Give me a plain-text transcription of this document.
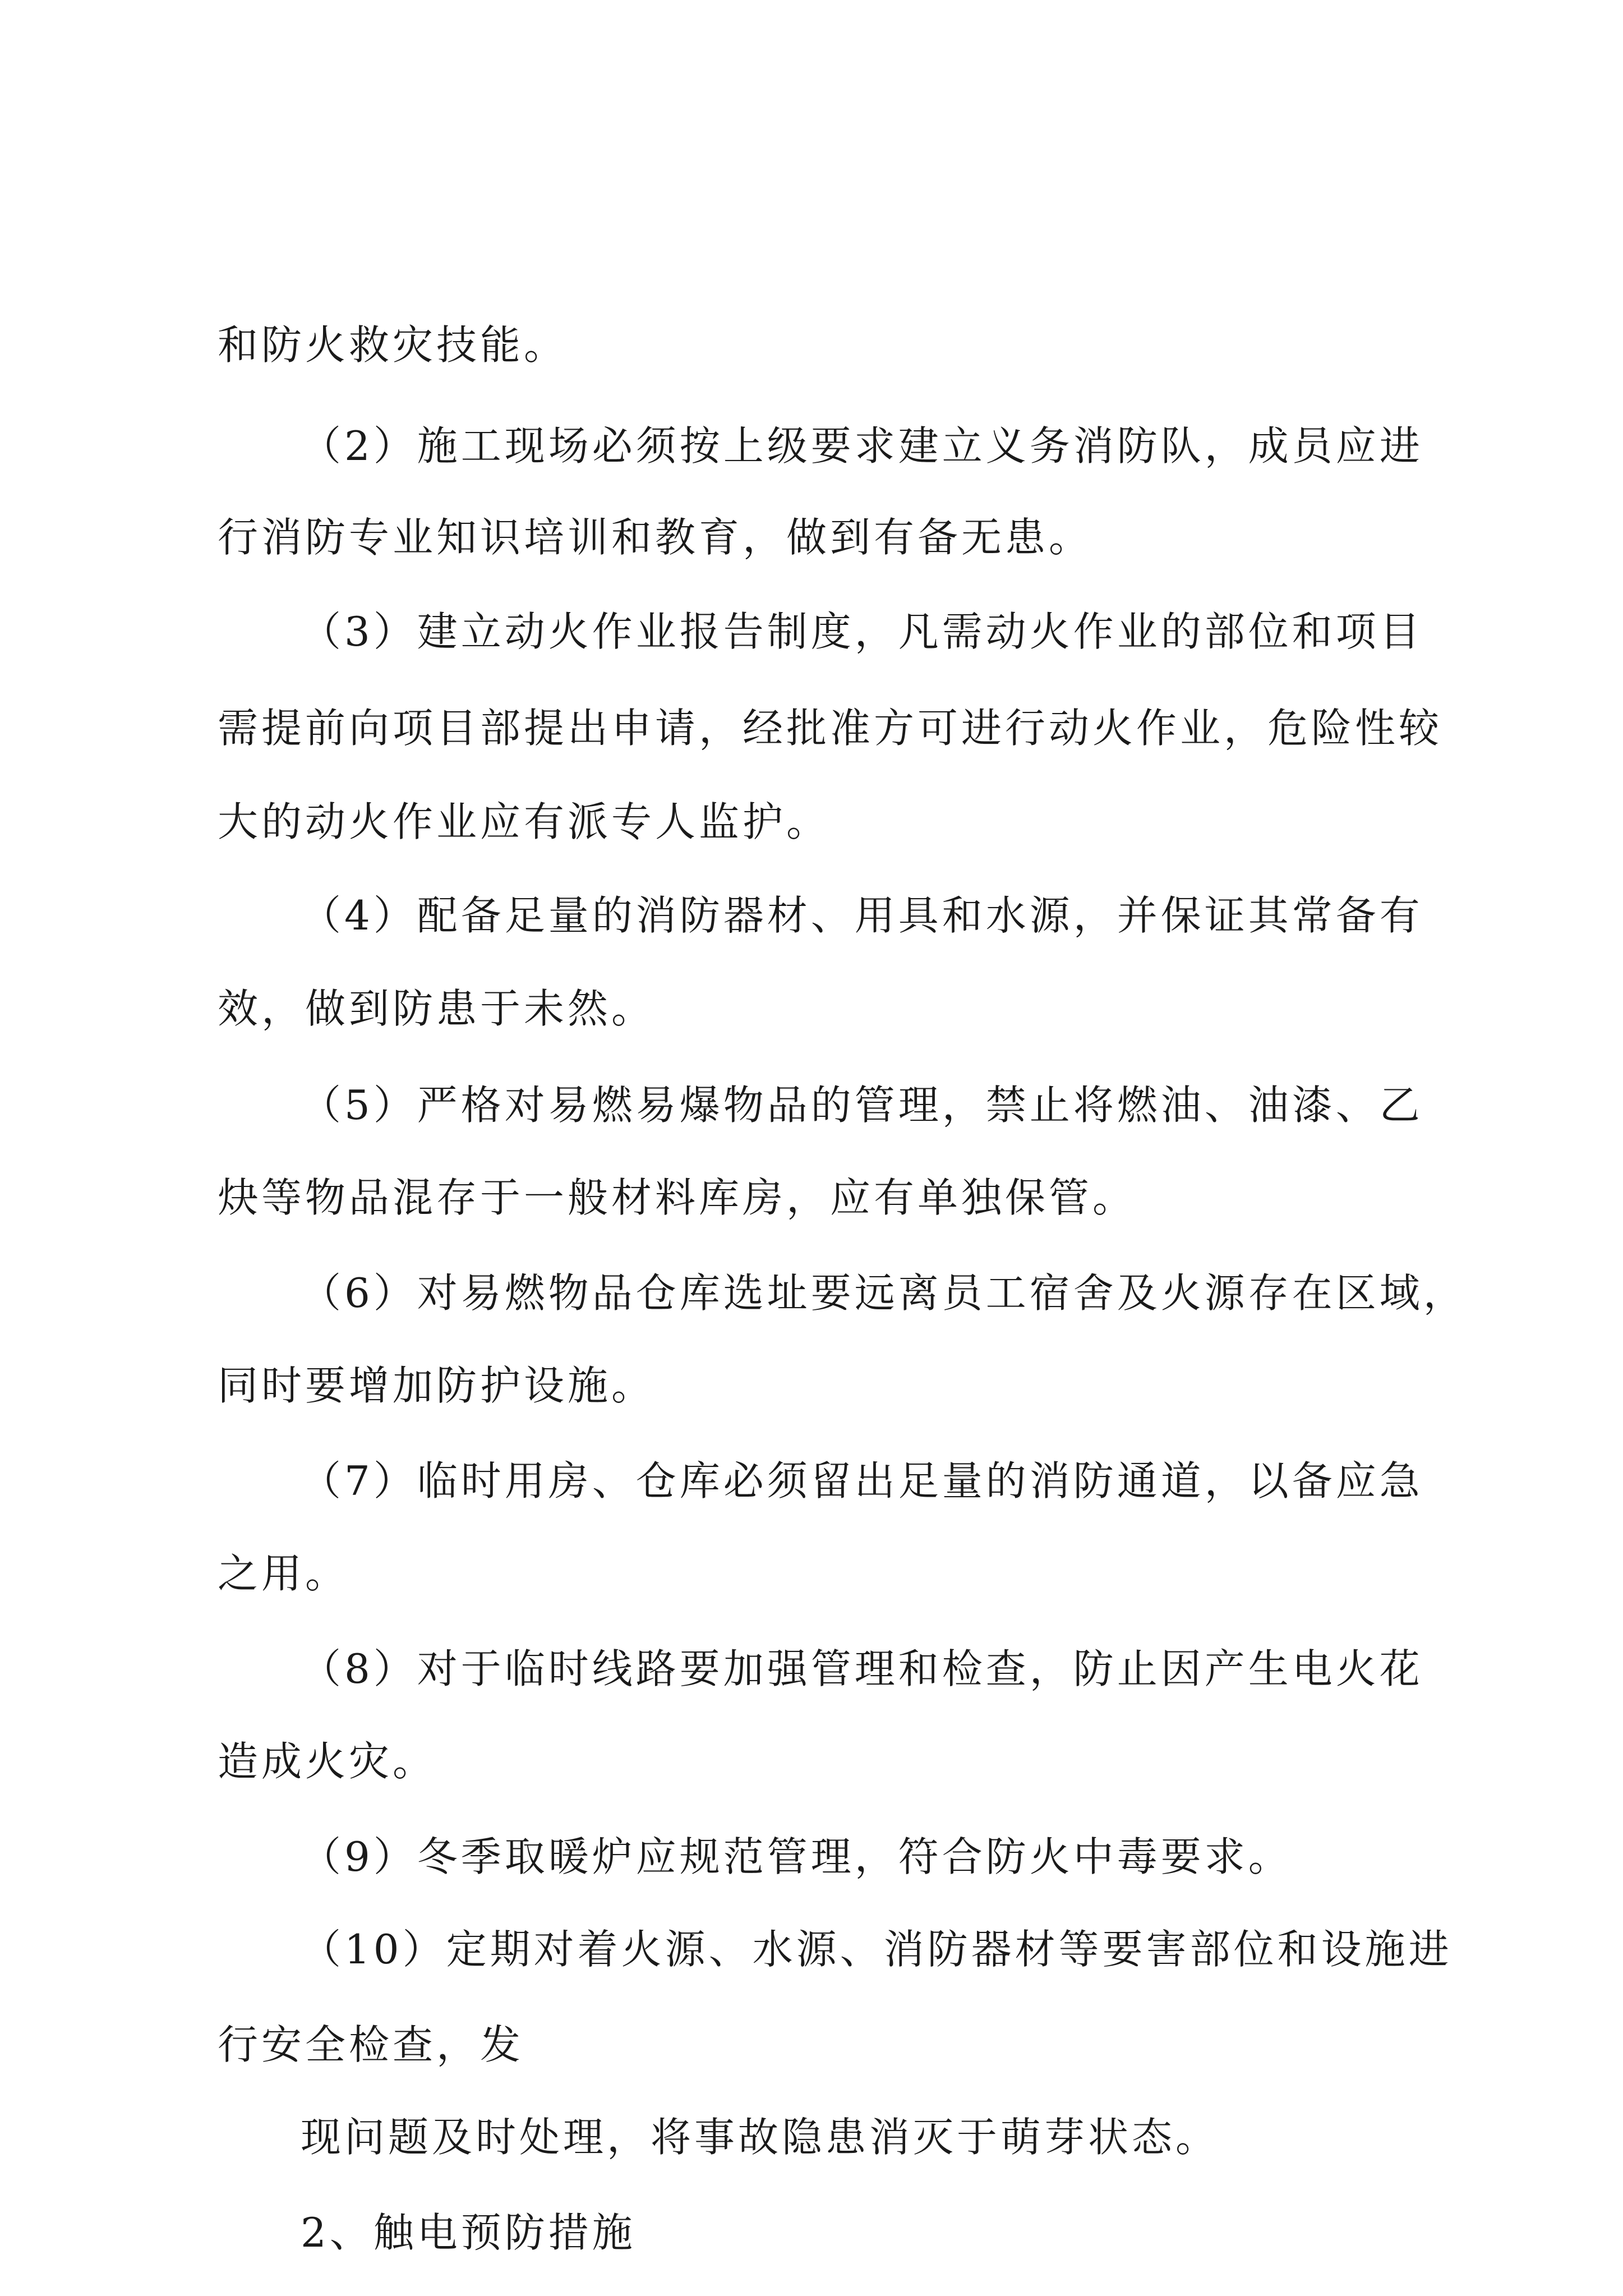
和防火救灾技能。
（2）施工现场必须按上级要求建立义务消防队，成员应进
行消防专业知识培训和教育，做到有备无患。
（3）建立动火作业报告制度，凡需动火作业的部位和项目
需提前向项目部提出申请，经批准方可进行动火作业，危险性较
大的动火作业应有派专人监护。
（4）配备足量的消防器材、用具和水源，并保证其常备有
效，做到防患于未然。
（5）严格对易燃易爆物品的管理，禁止将燃油、油漆、乙
炔等物品混存于一般材料库房，应有单独保管。
（6）对易燃物品仓库选址要远离员工宿舍及火源存在区域，
同时要增加防护设施。
（7）临时用房、仓库必须留出足量的消防通道，以备应急
之用。
（8）对于临时线路要加强管理和检查，防止因产生电火花
造成火灾。
（9）冬季取暖炉应规范管理，符合防火中毒要求。
（10）定期对着火源、水源、消防器材等要害部位和设施进
行安全检查，发
现问题及时处理，将事故隐患消灭于萌芽状态。
2、触电预防措施
